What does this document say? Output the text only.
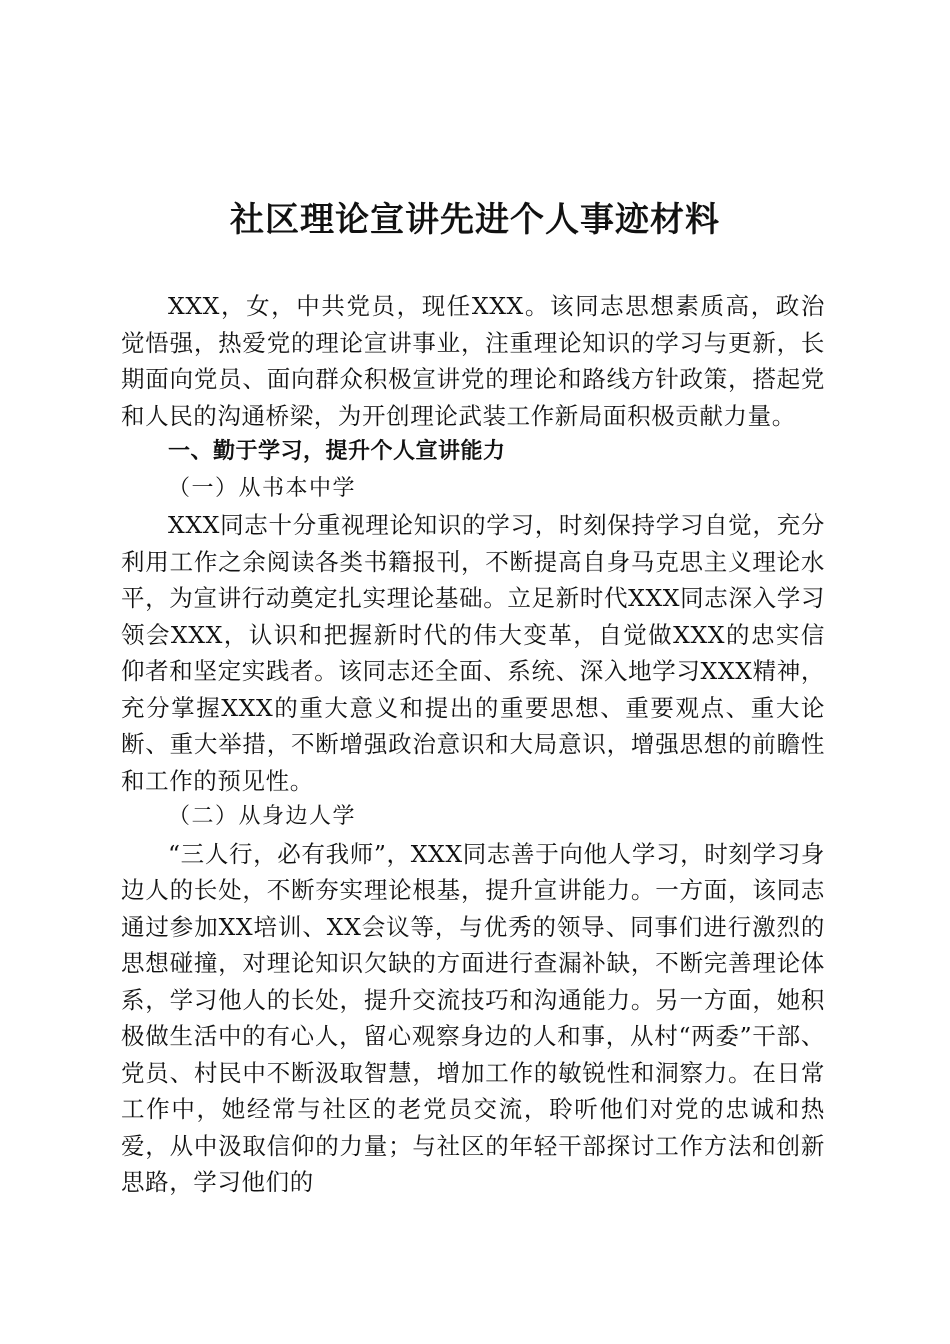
社区理论宣讲先进个人事迹材料

XXX，女，中共党员，现任XXX。该同志思想素质高，政治觉悟强，热爱党的理论宣讲事业，注重理论知识的学习与更新，长期面向党员、面向群众积极宣讲党的理论和路线方针政策，搭起党和人民的沟通桥梁，为开创理论武装工作新局面积极贡献力量。

一、勤于学习，提升个人宣讲能力

（一）从书本中学

XXX同志十分重视理论知识的学习，时刻保持学习自觉，充分利用工作之余阅读各类书籍报刊，不断提高自身马克思主义理论水平，为宣讲行动奠定扎实理论基础。立足新时代XXX同志深入学习领会XXX，认识和把握新时代的伟大变革，自觉做XXX的忠实信仰者和坚定实践者。该同志还全面、系统、深入地学习XXX精神，充分掌握XXX的重大意义和提出的重要思想、重要观点、重大论断、重大举措，不断增强政治意识和大局意识，增强思想的前瞻性和工作的预见性。

（二）从身边人学

“三人行，必有我师”，XXX同志善于向他人学习，时刻学习身边人的长处，不断夯实理论根基，提升宣讲能力。一方面，该同志通过参加XX培训、XX会议等，与优秀的领导、同事们进行激烈的思想碰撞，对理论知识欠缺的方面进行查漏补缺，不断完善理论体系，学习他人的长处，提升交流技巧和沟通能力。另一方面，她积极做生活中的有心人，留心观察身边的人和事，从村“两委”干部、党员、村民中不断汲取智慧，增加工作的敏锐性和洞察力。在日常工作中，她经常与社区的老党员交流，聆听他们对党的忠诚和热爱，从中汲取信仰的力量；与社区的年轻干部探讨工作方法和创新思路，学习他们的
